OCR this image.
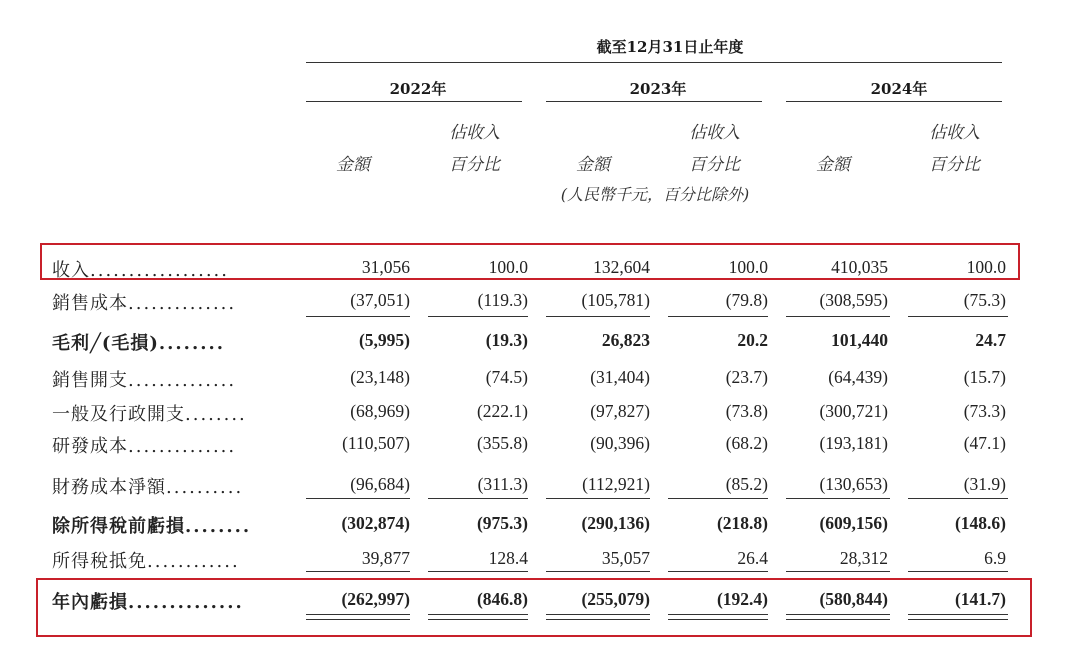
截至12月31日止年度
2022年	2023年	2024年
佔收入	佔收入	佔收入
金額	百分比	金額	百分比	金額	百分比
(人民幣千元，百分比除外)
收入..................	31,056	100.0	132,604	100.0	410,035	100.0
銷售成本..............	(37,051)	(119.3)	(105,781)	(79.8)	(308,595)	(75.3)
毛利╱(毛損)........	(5,995)	(19.3)	26,823	20.2	101,440	24.7
銷售開支..............	(23,148)	(74.5)	(31,404)	(23.7)	(64,439)	(15.7)
一般及行政開支........	(68,969)	(222.1)	(97,827)	(73.8)	(300,721)	(73.3)
研發成本..............	(110,507)	(355.8)	(90,396)	(68.2)	(193,181)	(47.1)
財務成本淨額..........	(96,684)	(311.3)	(112,921)	(85.2)	(130,653)	(31.9)
除所得稅前虧損........	(302,874)	(975.3)	(290,136)	(218.8)	(609,156)	(148.6)
所得稅抵免............	39,877	128.4	35,057	26.4	28,312	6.9
年內虧損..............	(262,997)	(846.8)	(255,079)	(192.4)	(580,844)	(141.7)
